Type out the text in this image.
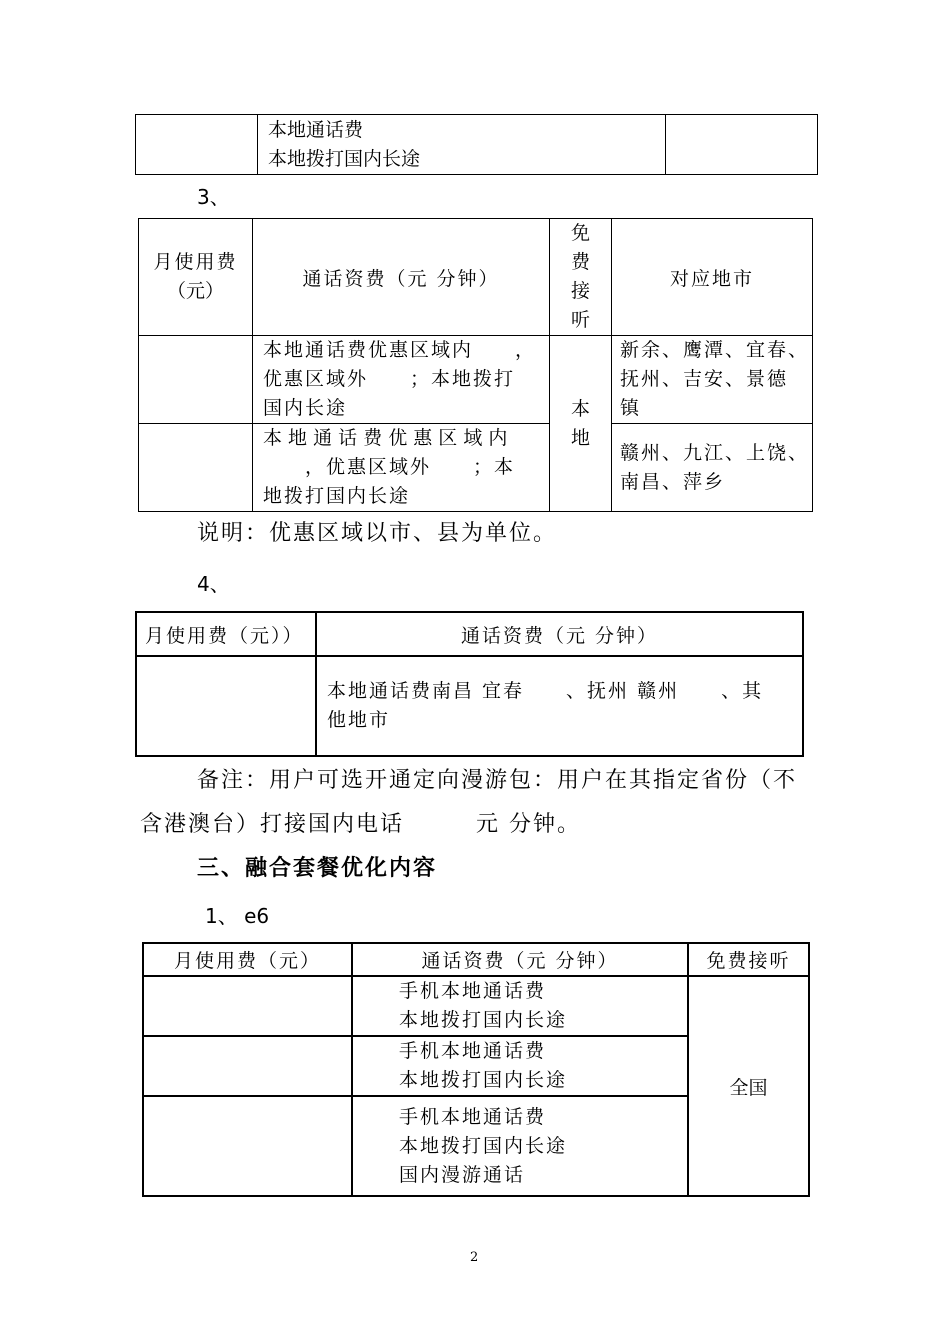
本地通话费
本地拨打国内长途

3、
月使用费
（元）	通话资费（元 分钟）	免
费
接
听	对应地市

	本地通话费优惠区域内　　，
优惠区域外　　；本地拨打
国内长途	本
地	新余、鹰潭、宜春、
抚州、吉安、景德
镇

	本 地 通 话 费 优 惠 区 域 内
　　，优惠区域外　　；本
地拨打国内长途		赣州、九江、上饶、
南昌、萍乡
说明：优惠区域以市、县为单位。
4、
月使用费（元））	通话资费（元 分钟）

	本地通话费南昌 宜春　　、抚州 赣州　　、其
他地市
备注：用户可选开通定向漫游包：用户在其指定省份（不
含港澳台）打接国内电话　　　元 分钟。
三、融合套餐优化内容
1、 e6
月使用费（元）	通话资费（元 分钟）	免费接听

	手机本地通话费
本地拨打国内长途	全国

	手机本地通话费
本地拨打国内长途	

	手机本地通话费
本地拨打国内长途
国内漫游通话	
2
